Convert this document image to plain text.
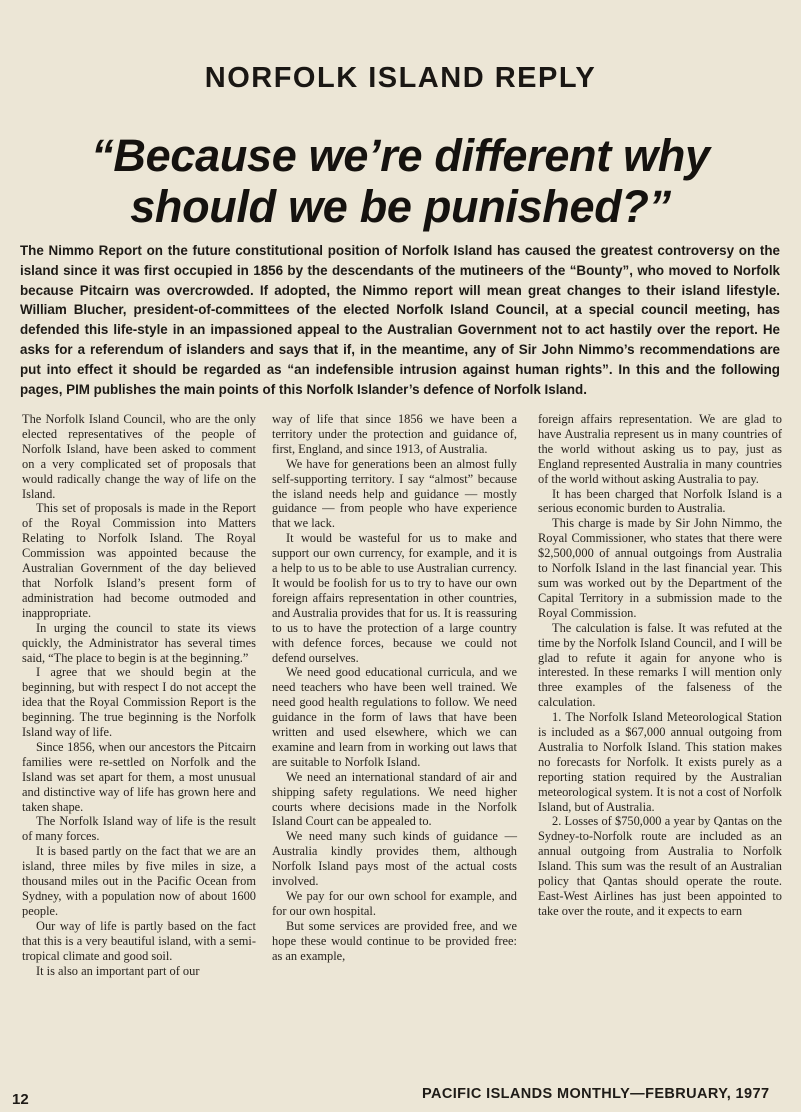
NORFOLK ISLAND REPLY
“Because we’re different why
should we be punished?”
The Nimmo Report on the future constitutional position of Norfolk Island has caused the greatest controversy on the island since it was first occupied in 1856 by the descendants of the mutineers of the “Bounty”, who moved to Norfolk because Pitcairn was overcrowded. If adopted, the Nimmo report will mean great changes to their island lifestyle. William Blucher, president-of-committees of the elected Norfolk Island Council, at a special council meeting, has defended this life-style in an impassioned appeal to the Australian Government not to act hastily over the report. He asks for a referendum of islanders and says that if, in the meantime, any of Sir John Nimmo’s recommendations are put into effect it should be regarded as “an indefensible intrusion against human rights”. In this and the following pages, PIM publishes the main points of this Norfolk Islander’s defence of Norfolk Island.

The Norfolk Island Council, who are the only elected representatives of the people of Norfolk Island, have been asked to comment on a very complicated set of proposals that would radically change the way of life on the Island.

This set of proposals is made in the Report of the Royal Commission into Matters Relating to Norfolk Island. The Royal Commission was appointed because the Australian Government of the day believed that Norfolk Island’s present form of administration had become outmoded and inappropriate.

In urging the council to state its views quickly, the Administrator has several times said, “The place to begin is at the beginning.”

I agree that we should begin at the beginning, but with respect I do not accept the idea that the Royal Commission Report is the beginning. The true beginning is the Norfolk Island way of life.

Since 1856, when our ancestors the Pitcairn families were re-settled on Norfolk and the Island was set apart for them, a most unusual and distinctive way of life has grown here and taken shape.

The Norfolk Island way of life is the result of many forces.

It is based partly on the fact that we are an island, three miles by five miles in size, a thousand miles out in the Pacific Ocean from Sydney, with a population now of about 1600 people.

Our way of life is partly based on the fact that this is a very beautiful island, with a semi-tropical climate and good soil.

It is also an important part of our

way of life that since 1856 we have been a territory under the protection and guidance of, first, England, and since 1913, of Australia.

We have for generations been an almost fully self-supporting territory. I say “almost” because the island needs help and guidance — mostly guidance — from people who have experience that we lack.

It would be wasteful for us to make and support our own currency, for example, and it is a help to us to be able to use Australian currency. It would be foolish for us to try to have our own foreign affairs representation in other countries, and Australia provides that for us. It is reassuring to us to have the protection of a large country with defence forces, because we could not defend ourselves.

We need good educational curricula, and we need teachers who have been well trained. We need good health regulations to follow. We need guidance in the form of laws that have been written and used elsewhere, which we can examine and learn from in working out laws that are suitable to Norfolk Island.

We need an international standard of air and shipping safety regulations. We need higher courts where decisions made in the Norfolk Island Court can be appealed to.

We need many such kinds of guidance — Australia kindly provides them, although Norfolk Island pays most of the actual costs involved.

We pay for our own school for example, and for our own hospital.

But some services are provided free, and we hope these would continue to be provided free: as an example,

foreign affairs representation. We are glad to have Australia represent us in many countries of the world without asking us to pay, just as England represented Australia in many countries of the world without asking Australia to pay.

It has been charged that Norfolk Island is a serious economic burden to Australia.

This charge is made by Sir John Nimmo, the Royal Commissioner, who states that there were $2,500,000 of annual outgoings from Australia to Norfolk Island in the last financial year. This sum was worked out by the Department of the Capital Territory in a submission made to the Royal Commission.

The calculation is false. It was refuted at the time by the Norfolk Island Council, and I will be glad to refute it again for anyone who is interested. In these remarks I will mention only three examples of the falseness of the calculation.

1. The Norfolk Island Meteorological Station is included as a $67,000 annual outgoing from Australia to Norfolk Island. This station makes no forecasts for Norfolk. It exists purely as a reporting station required by the Australian meteorological system. It is not a cost of Norfolk Island, but of Australia.

2. Losses of $750,000 a year by Qantas on the Sydney-to-Norfolk route are included as an annual outgoing from Australia to Norfolk Island. This sum was the result of an Australian policy that Qantas should operate the route. East-West Airlines has just been appointed to take over the route, and it expects to earn

12	PACIFIC ISLANDS MONTHLY—FEBRUARY, 1977
